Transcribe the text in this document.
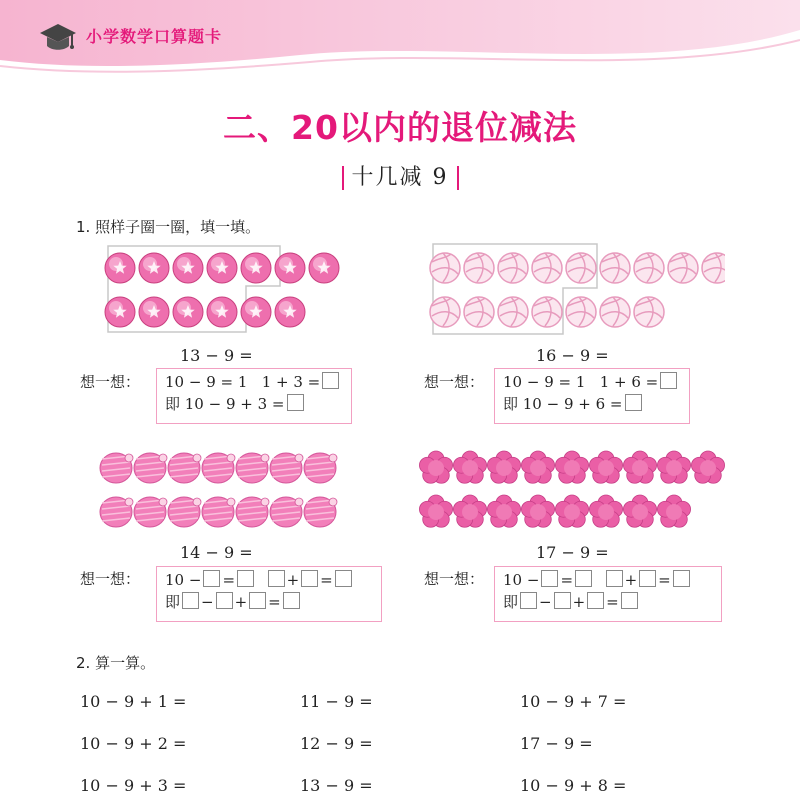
小学数学口算题卡
二、20以内的退位减法
十几减 9
1. 照样子圈一圈，填一填。
13 − 9 =
想一想： 10 − 9 = 1 1 + 3 =
即 10 − 9 + 3 =
16 − 9 =
想一想： 10 − 9 = 1 1 + 6 =
即 10 − 9 + 6 =
14 − 9 =
想一想： 10 − =	+ =
即 − + =
17 − 9 =
想一想： 10 − =	+ =
即 − + =
2. 算一算。
10 − 9 + 1 =	11 − 9 =	10 − 9 + 7 =
10 − 9 + 2 =	12 − 9 =	17 − 9 =
10 − 9 + 3 =	13 − 9 =	10 − 9 + 8 =
